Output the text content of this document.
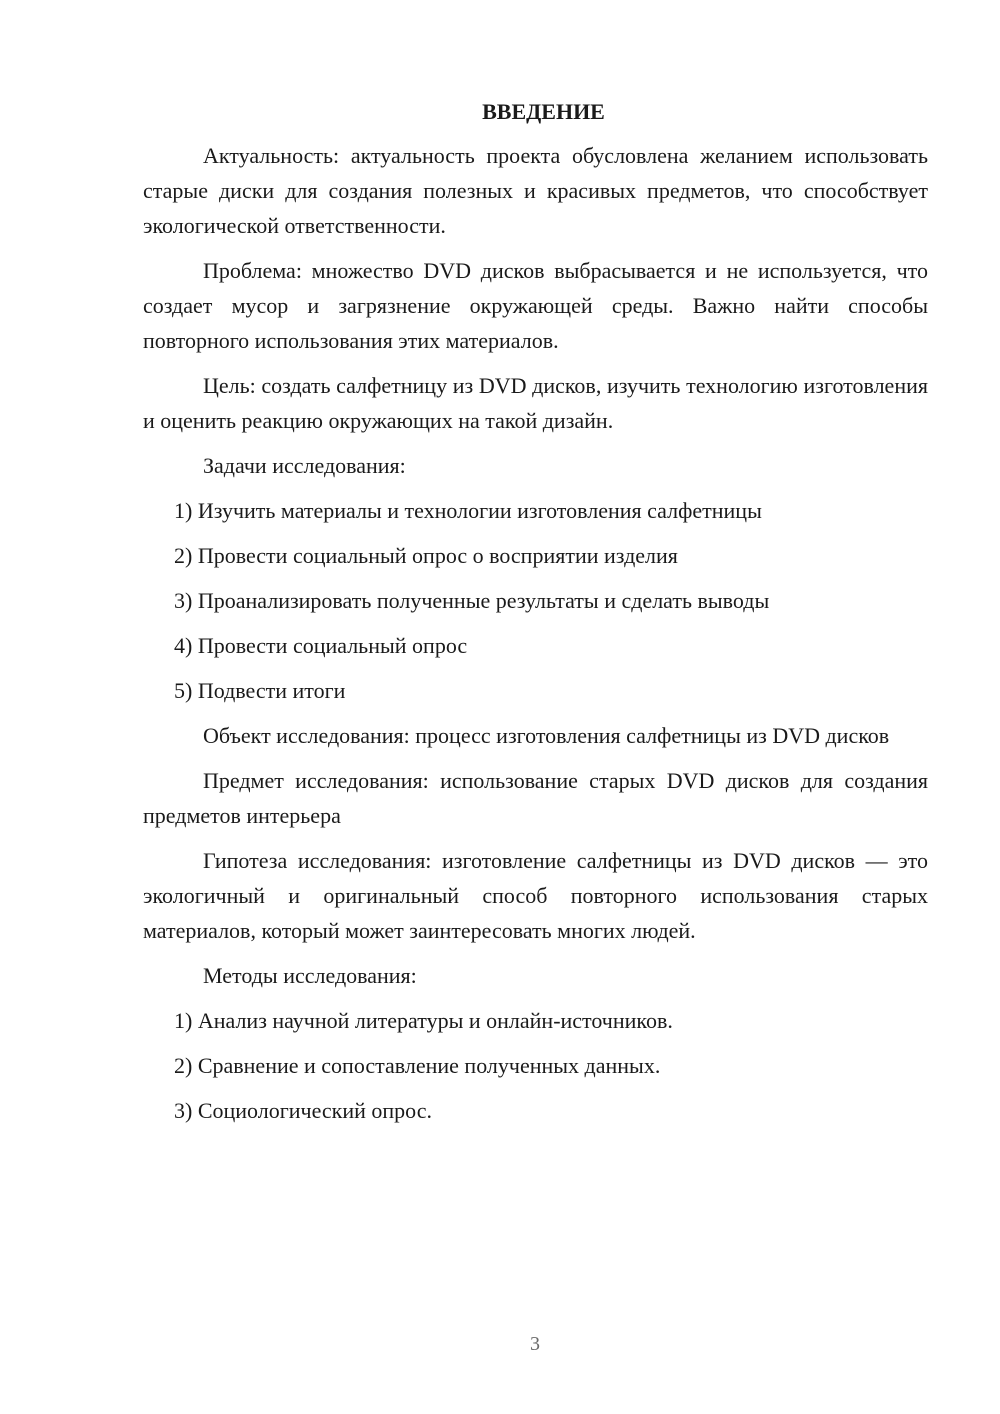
ВВЕДЕНИЕ

Актуальность: актуальность проекта обусловлена желанием использовать старые диски для создания полезных и красивых предметов, что способствует экологической ответственности.

Проблема: множество DVD дисков выбрасывается и не используется, что создает мусор и загрязнение окружающей среды. Важно найти способы повторного использования этих материалов.

Цель: создать салфетницу из DVD дисков, изучить технологию изготовления и оценить реакцию окружающих на такой дизайн.

Задачи исследования:

1) Изучить материалы и технологии изготовления салфетницы
2) Провести социальный опрос о восприятии изделия
3) Проанализировать полученные результаты и сделать выводы
4) Провести социальный опрос
5) Подвести итоги

Объект исследования: процесс изготовления салфетницы из DVD дисков

Предмет исследования: использование старых DVD дисков для создания предметов интерьера

Гипотеза исследования: изготовление салфетницы из DVD дисков — это экологичный и оригинальный способ повторного использования старых материалов, который может заинтересовать многих людей.

Методы исследования:

1) Анализ научной литературы и онлайн-источников.
2) Сравнение и сопоставление полученных данных.
3) Социологический опрос.
3
